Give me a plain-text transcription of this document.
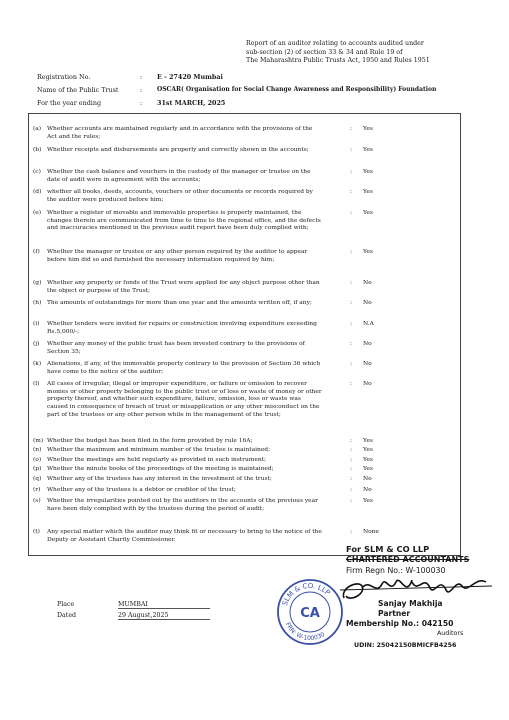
Report of an auditor relating to accounts audited under
sub-section (2) of section 33 & 34 and Rule 19 of
The Maharashtra Public Trusts Act, 1950 and Rules 1951
Registration No.	: E - 27420 Mumbai
Name of the Public Trust	: OSCAR( Organisation for Social Change Awareness and Responsibility) Foundation
For the year ending	: 31st MARCH, 2025
(a) Whether accounts are maintained regularly and in accordance with the provisions of the Act and the rules;
: Yes
(b) Whether receipts and disbursements are properly and correctly shown in the accounts;	: Yes
(c) Whether the cash balance and vouchers in the custody of the manager or trustee on the date of audit were in agreement with the accounts;
: Yes
(d) whether all books, deeds, accounts, vouchers or other documents or records required by the auditor were produced before him;
: Yes
(e) Whether a register of movable and immovable properties is properly maintained, the changes therein are communicated from time to time to the regional office, and the defects and inaccuracies mentioned in the previous audit report have been duly complied with;
: Yes
(f) Whether the manager or trustee or any other person required by the auditor to appear before him did so and furnished the necessary information required by him;
: Yes
(g) Whether any property or funds of the Trust were applied for any object purpose other than the object or purpose of the Trust;
: No
(h) The amounts of outstandings for more than one year and the amounts written off, if any;	: No
(i) Whether tenders were invited for repairs or construction involving expenditure exceeding Rs.5,000/-;
: N.A
(j) Whether any money of the public trust has been invested contrary to the provisions of Section 35;
: No
(k) Alienations, if any, of the immovable property contrary to the provision of Section 36 which have come to the notice of the auditor;
: No
(l) All cases of irregular, illegal or improper expenditure, or failure or omission to recover monies or other property belonging to the public trust or of loss or waste of money or other property thereof, and whether such expenditure, failure, omission, loss or waste was caused in consequence of breach of trust or misapplication or any other misconduct on the part of the trustees or any other person while in the management of the trust;
: No
(m) Whether the budget has been filed in the form provided by rule 16A;	: Yes
(n) Whether the maximum and minimum number of the trustee is maintained;	: Yes
(o) Whether the meetings are held regularly as provided in such instrument;	: Yes
(p) Whether the minute books of the proceedings of the meeting is maintained;	: Yes
(q) Whether any of the trustees has any interest in the investment of the trust;	: No
(r) Whether any of the trustees is a debtor or creditor of the trust;	: No
(s) Whether the irregularities pointed out by the auditors in the accounts of the previous year have been duly complied with by the trustees during the period of audit;
: Yes
(t) Any special matter which the auditor may think fit or necessary to bring to the notice of the Deputy or Assistant Charity Commissioner.
: None
For SLM & CO LLP
CHARTERED ACCOUNTANTS
Firm Regn No.: W-100030
Sanjay Makhija
Partner
Membership No.: 042150
Auditors
UDIN: 25042150BMICFB4256
SLM & CO. LLP
FRN: W-100030
CA
Place	MUMBAI
Dated	29 August,2025
